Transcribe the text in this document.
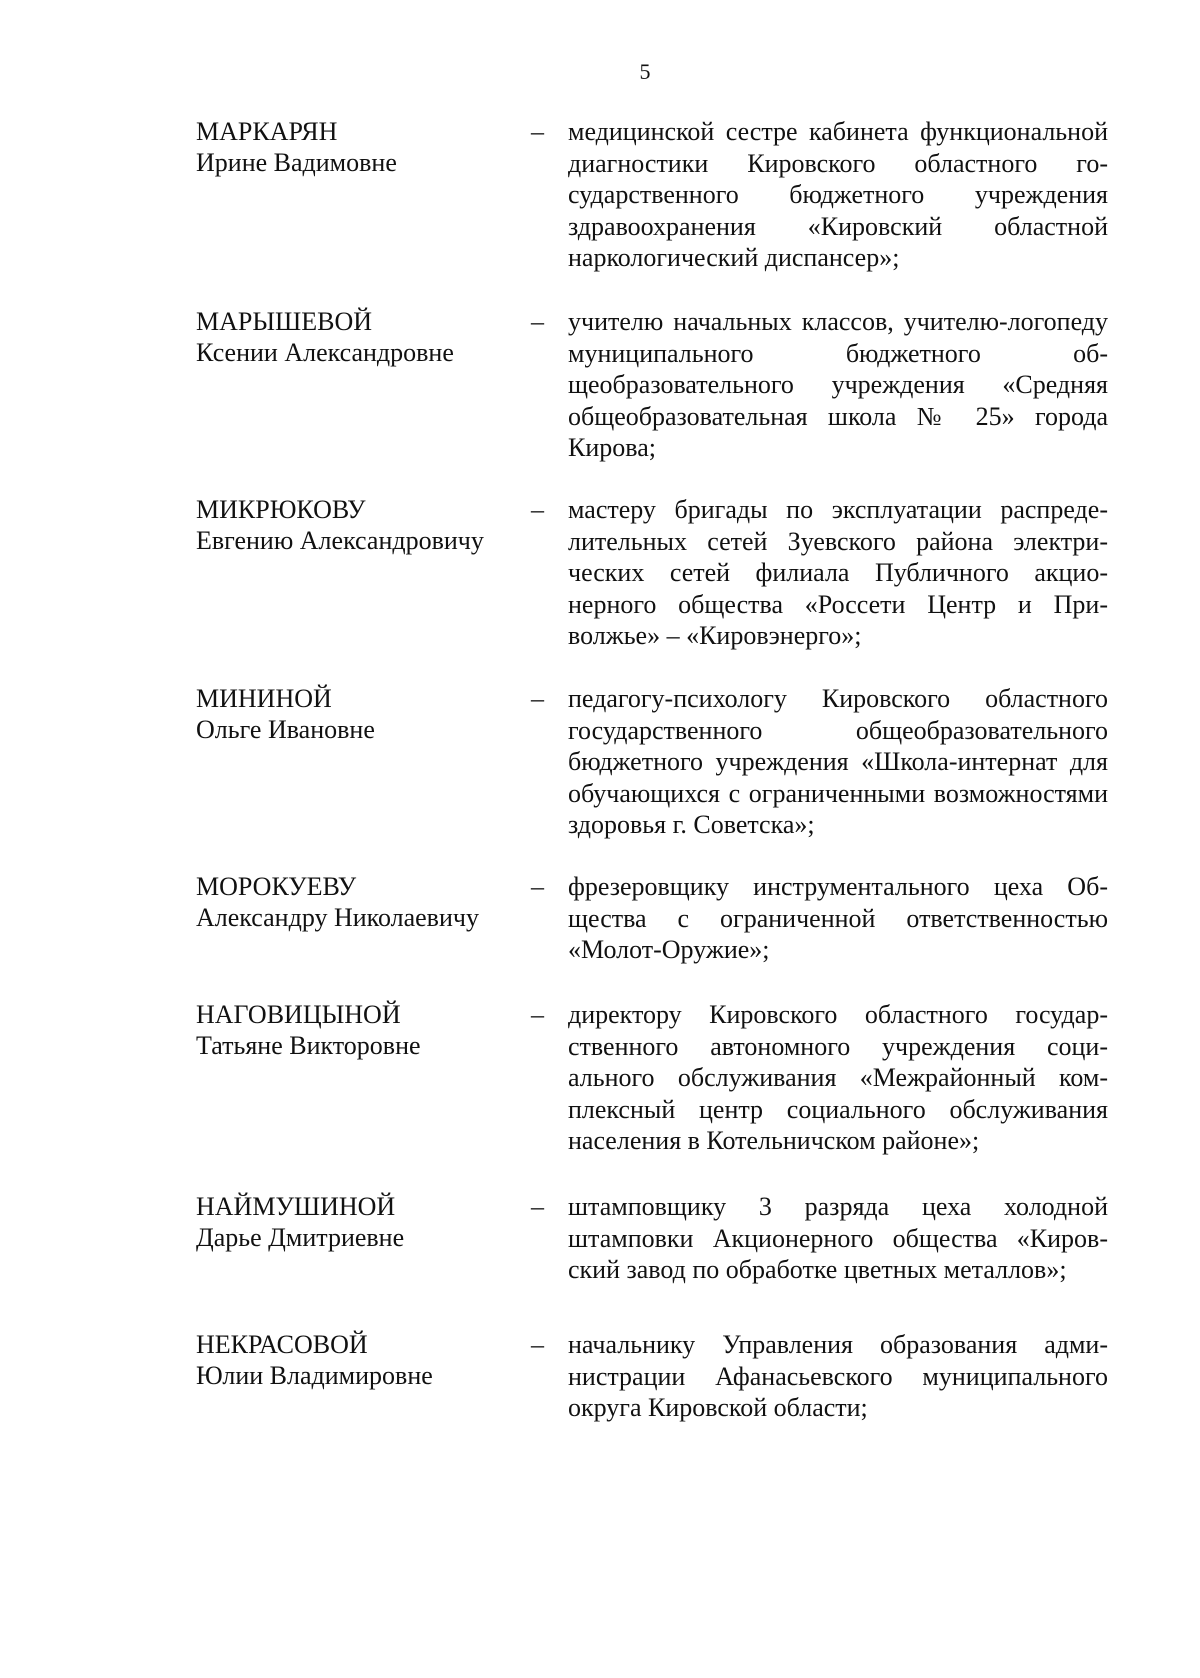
5
МАРКАРЯН
Ирине Вадимовне
– медицинской сестре кабинета функциональной диагностики Кировского областного государственного бюджетного учреждения здравоохранения «Кировский областной наркологический диспансер»;
МАРЫШЕВОЙ
Ксении Александровне
– учителю начальных классов, учителю-логопеду муниципального бюджетного общеобразовательного учреждения «Средняя общеобразовательная школа № 25» города Кирова;
МИКРЮКОВУ
Евгению Александровичу
– мастеру бригады по эксплуатации распределительных сетей Зуевского района электрических сетей филиала Публичного акционерного общества «Россети Центр и Приволжье» – «Кировэнерго»;
МИНИНОЙ
Ольге Ивановне
– педагогу-психологу Кировского областного государственного общеобразовательного бюджетного учреждения «Школа-интернат для обучающихся с ограниченными возможностями здоровья г. Советска»;
МОРОКУЕВУ
Александру Николаевичу
– фрезеровщику инструментального цеха Общества с ограниченной ответственностью «Молот-Оружие»;
НАГОВИЦЫНОЙ
Татьяне Викторовне
– директору Кировского областного государственного автономного учреждения социального обслуживания «Межрайонный комплексный центр социального обслуживания населения в Котельничском районе»;
НАЙМУШИНОЙ
Дарье Дмитриевне
– штамповщику 3 разряда цеха холодной штамповки Акционерного общества «Кировский завод по обработке цветных металлов»;
НЕКРАСОВОЙ
Юлии Владимировне
– начальнику Управления образования администрации Афанасьевского муниципального округа Кировской области;
